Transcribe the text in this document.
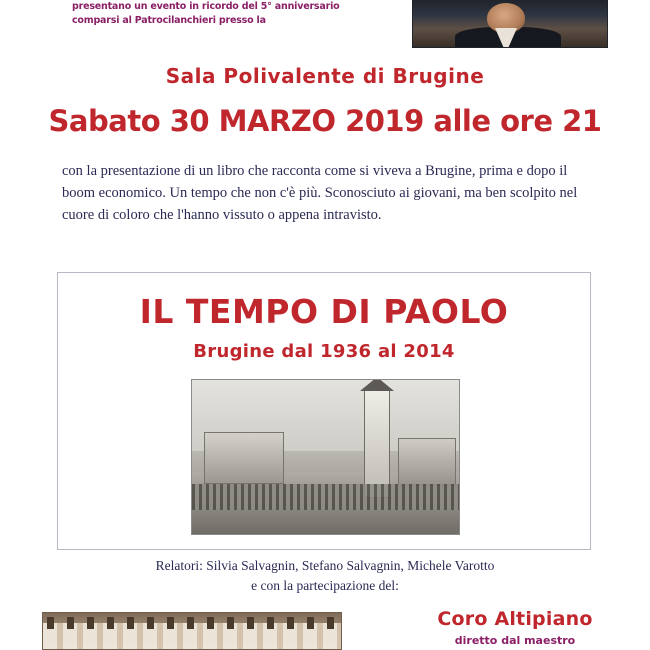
presentano un evento in ricordo del 5° anniversario
comparsi al Patrocilanchieri presso la
Sala Polivalente di Brugine
Sabato 30 MARZO 2019 alle ore 21
con la presentazione di un libro che racconta come si viveva a Brugine, prima e dopo il boom economico. Un tempo che non c'è più. Sconosciuto ai giovani, ma ben scolpito nel cuore di coloro che l'hanno vissuto o appena intravisto.
IL TEMPO DI PAOLO
Brugine dal 1936 al 2014
Relatori: Silvia Salvagnin, Stefano Salvagnin, Michele Varotto
e con la partecipazione del:
Coro Altipiano
diretto dal maestro
